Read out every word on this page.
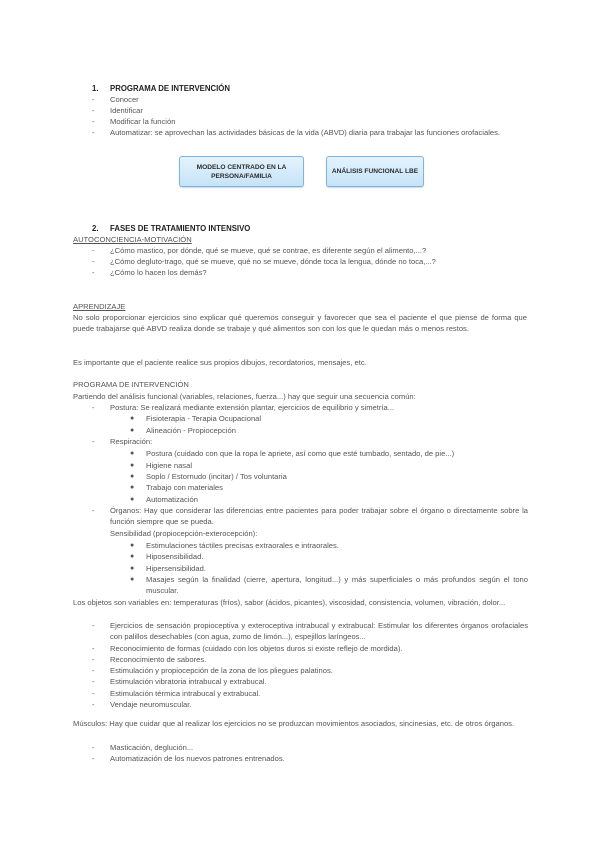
1. PROGRAMA DE INTERVENCIÓN
-	Conocer
-	Identificar
-	Modificar la función
-	Automatizar: se aprovechan las actividades básicas de la vida (ABVD) diaria para trabajar las funciones orofaciales.
MODELO CENTRADO EN LA PERSONA/FAMILIA
ANÁLISIS FUNCIONAL LBE
2. FASES DE TRATAMIENTO INTENSIVO
AUTOCONCIENCIA-MOTIVACIÓN
-	¿Cómo mastico, por dónde, qué se mueve, qué se contrae, es diferente según el alimento,...?
-	¿Cómo degluto-trago, qué se mueve, qué no se mueve, dónde toca la lengua, dónde no toca,...?
-	¿Cómo lo hacen los demás?
APRENDIZAJE
No solo proporcionar ejercicios sino explicar qué queremos conseguir y favorecer que sea el paciente el que piense de forma que puede trabajarse qué ABVD realiza donde se trabaje y qué alimentos son con los que le quedan más o menos restos.
Es importante que el paciente realice sus propios dibujos, recordatorios, mensajes, etc.
PROGRAMA DE INTERVENCIÓN
Partiendo del análisis funcional (variables, relaciones, fuerza...) hay que seguir una secuencia común:
-	Postura: Se realizará mediante extensión plantar, ejercicios de equilibrio y simetría...
● Fisioterapia - Terapia Ocupacional
● Alineación - Propiocepción
-	Respiración:
● Postura (cuidado con que la ropa le apriete, así como que esté tumbado, sentado, de pie...)
● Higiene nasal
● Soplo / Estornudo (incitar) / Tos voluntaria
● Trabajo con materiales
● Automatización
-	Órganos: Hay que considerar las diferencias entre pacientes para poder trabajar sobre el órgano o directamente sobre la función siempre que se pueda.
Sensibilidad (propiocepción-exterocepción):
● Estimulaciones táctiles precisas extraorales e intraorales.
● Hiposensibilidad.
● Hipersensibilidad.
● Masajes según la finalidad (cierre, apertura, longitud...) y más superficiales o más profundos según el tono muscular.
Los objetos son variables en: temperaturas (fríos), sabor (ácidos, picantes), viscosidad, consistencia, volumen, vibración, dolor...
-	Ejercicios de sensación propioceptiva y exteroceptiva intrabucal y extrabucal: Estimular los diferentes órganos orofaciales con palillos desechables (con agua, zumo de limón...), espejillos laríngeos...
-	Reconocimiento de formas (cuidado con los objetos duros si existe reflejo de mordida).
-	Reconocimiento de sabores.
-	Estimulación y propiocepción de la zona de los pliegues palatinos.
-	Estimulación vibratoria intrabucal y extrabucal.
-	Estimulación térmica intrabucal y extrabucal.
-	Vendaje neuromuscular.
Músculos: Hay que cuidar que al realizar los ejercicios no se produzcan movimientos asociados, sincinesias, etc. de otros órganos.
-	Masticación, deglución...
-	Automatización de los nuevos patrones entrenados.
